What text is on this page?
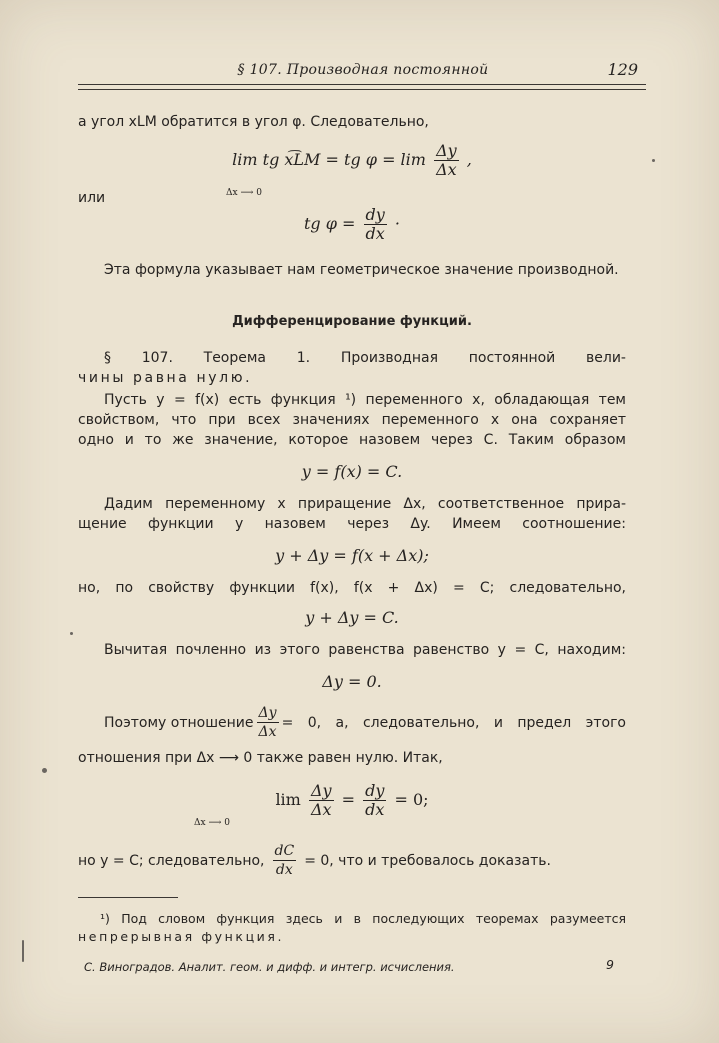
§ 107. Производная постоянной	129
а угол xLM обратится в угол φ. Следовательно,
lim tg x͡LM = tg $\varphi = \lim \frac{\Delta y}{\Delta x}$ ,
Δx ⟶ 0
или
tg $\varphi = \frac{dy}{dx}$ ·
Эта формула указывает нам геометрическое значение производной.
Дифференцирование функций.
§ 107. Теорема 1. Производная постоянной вели-
чины равна нулю.
Пусть y = f(x) есть функция ¹) переменного x, обладающая тем
свойством, что при всех значениях переменного x она сохраняет
одно и то же значение, которое назовем через C. Таким образом
y = f(x) = C.
Дадим переменному x приращение Δx, соответственное прира-
щение функции y назовем через Δy. Имеем соотношение:
y + Δy = f(x + Δx);
но, по свойству функции f(x), f(x + Δx) = C; следовательно,
y + Δy = C.
Вычитая почленно из этого равенства равенство y = C, находим:
Δy = 0.
Поэтому отношение $\frac{\Delta y}{\Delta x} = 0$, а, следовательно, и предел этого
отношения при Δx ⟶ 0 также равен нулю. Итак,
$\lim \frac{\Delta y}{\Delta x} = \frac{dy}{dx} = 0$;
Δx ⟶ 0
но y = C; следовательно, $\frac{dC}{dx} = 0$, что и требовалось доказать.
¹) Под словом функция здесь и в последующих теоремах разумеется
непрерывная функция.
С. Виноградов. Аналит. геом. и дифф. и интегр. исчисления.	9
